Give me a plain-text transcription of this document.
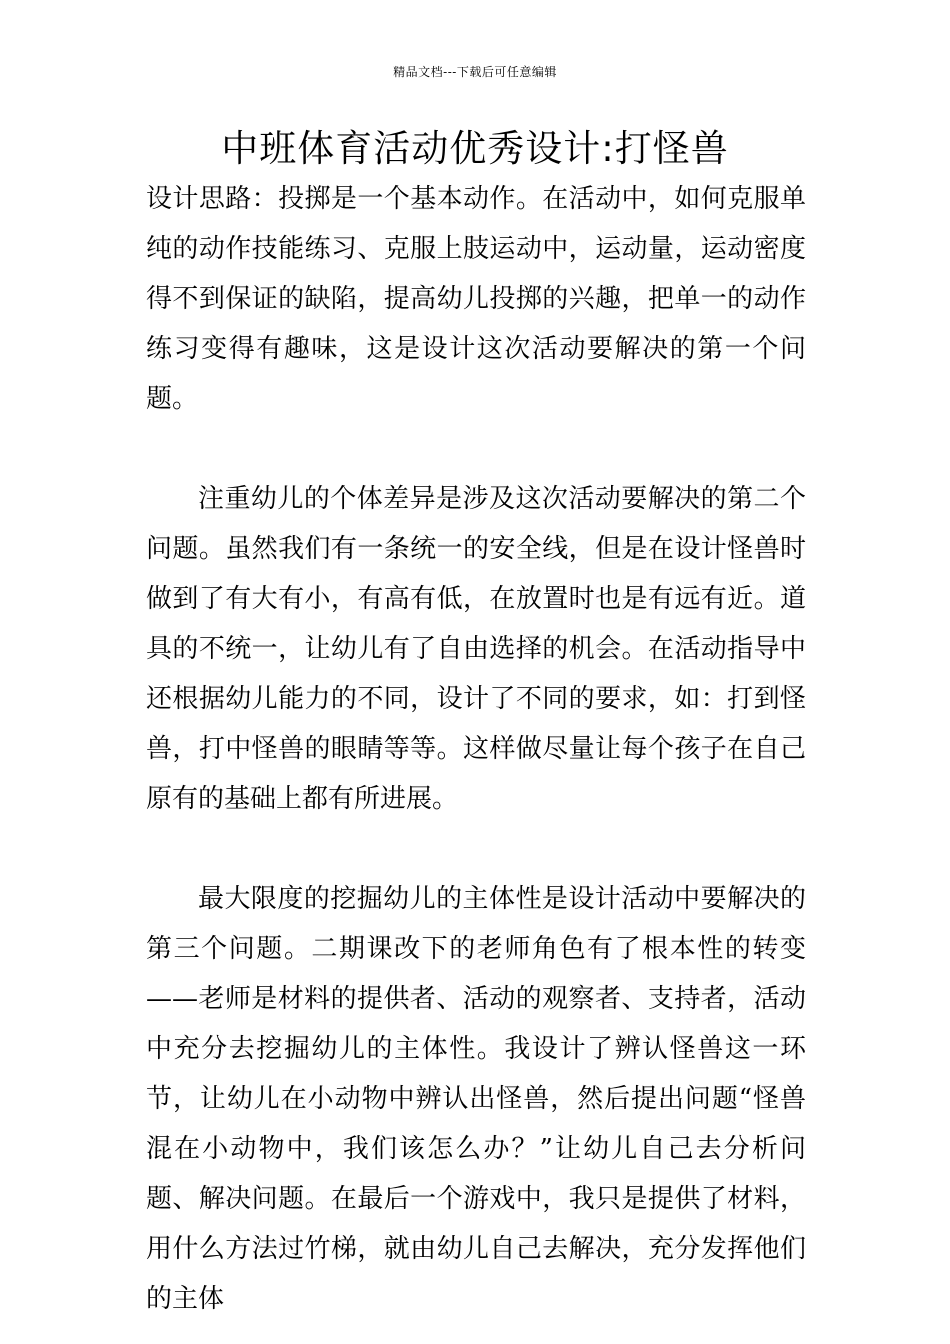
精品文档---下载后可任意编辑
中班体育活动优秀设计:打怪兽

设计思路：投掷是一个基本动作。在活动中，如何克服单纯的动作技能练习、克服上肢运动中，运动量，运动密度得不到保证的缺陷，提高幼儿投掷的兴趣，把单一的动作练习变得有趣味，这是设计这次活动要解决的第一个问题。

注重幼儿的个体差异是涉及这次活动要解决的第二个问题。虽然我们有一条统一的安全线，但是在设计怪兽时做到了有大有小，有高有低，在放置时也是有远有近。道具的不统一，让幼儿有了自由选择的机会。在活动指导中还根据幼儿能力的不同，设计了不同的要求，如：打到怪兽，打中怪兽的眼睛等等。这样做尽量让每个孩子在自己原有的基础上都有所进展。

最大限度的挖掘幼儿的主体性是设计活动中要解决的第三个问题。二期课改下的老师角色有了根本性的转变——老师是材料的提供者、活动的观察者、支持者，活动中充分去挖掘幼儿的主体性。我设计了辨认怪兽这一环节，让幼儿在小动物中辨认出怪兽，然后提出问题“怪兽混在小动物中，我们该怎么办？”让幼儿自己去分析问题、解决问题。在最后一个游戏中，我只是提供了材料，用什么方法过竹梯，就由幼儿自己去解决，充分发挥他们的主体
